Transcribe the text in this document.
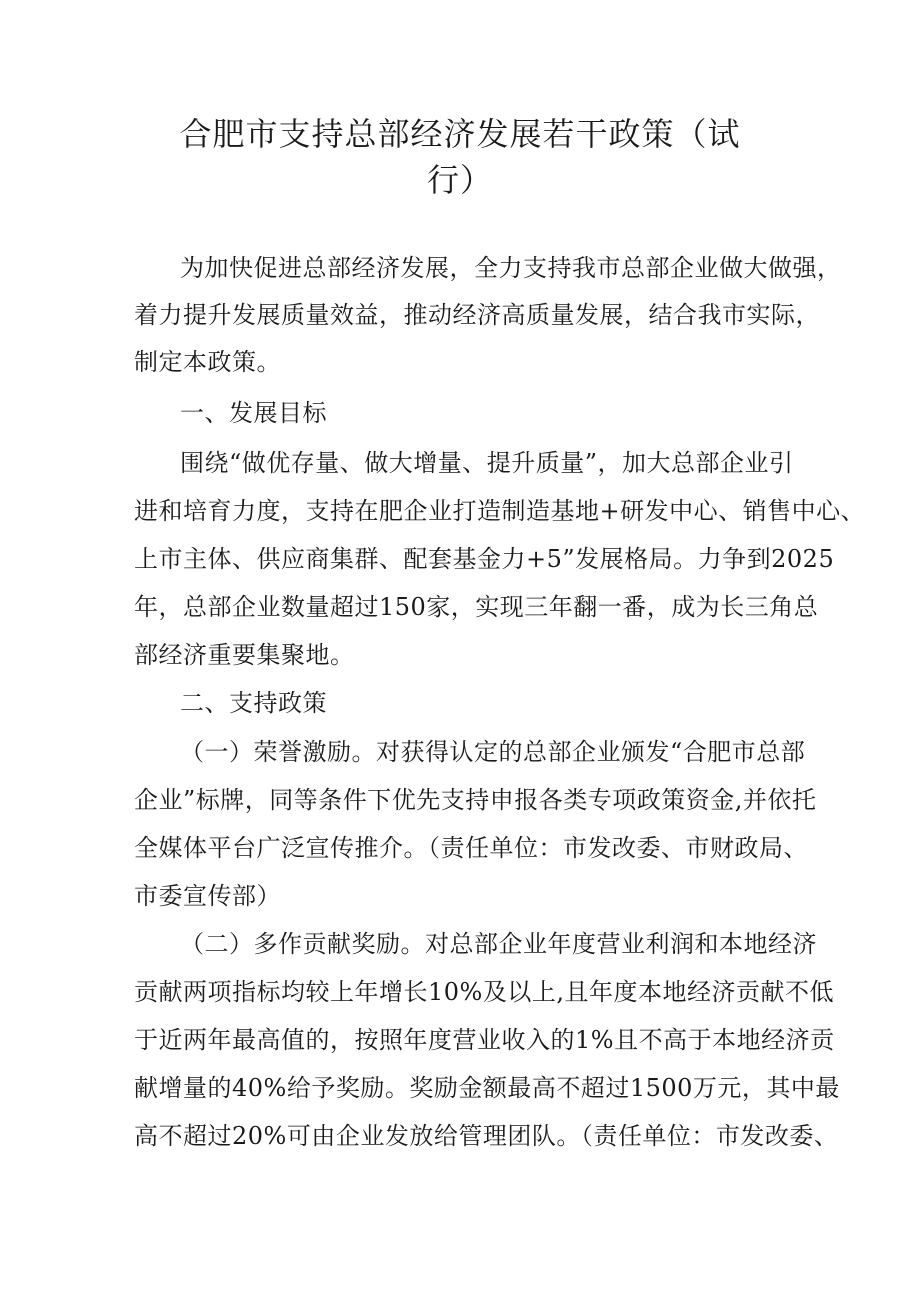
合肥市支持总部经济发展若干政策（试
行）
为加快促进总部经济发展，全力支持我市总部企业做大做强，
着力提升发展质量效益，推动经济高质量发展，结合我市实际，
制定本政策。
一、发展目标
围绕“做优存量、做大增量、提升质量”，加大总部企业引
进和培育力度，支持在肥企业打造制造基地+研发中心、销售中心、
上市主体、供应商集群、配套基金力+5”发展格局。力争到2025
年，总部企业数量超过150家，实现三年翻一番，成为长三角总
部经济重要集聚地。
二、支持政策
（一）荣誉激励。对获得认定的总部企业颁发“合肥市总部
企业”标牌，同等条件下优先支持申报各类专项政策资金,并依托
全媒体平台广泛宣传推介。（责任单位：市发改委、市财政局、
市委宣传部）
（二）多作贡献奖励。对总部企业年度营业利润和本地经济
贡献两项指标均较上年增长10%及以上,且年度本地经济贡献不低
于近两年最高值的，按照年度营业收入的1%且不高于本地经济贡
献增量的40%给予奖励。奖励金额最高不超过1500万元，其中最
高不超过20%可由企业发放给管理团队。（责任单位：市发改委、
